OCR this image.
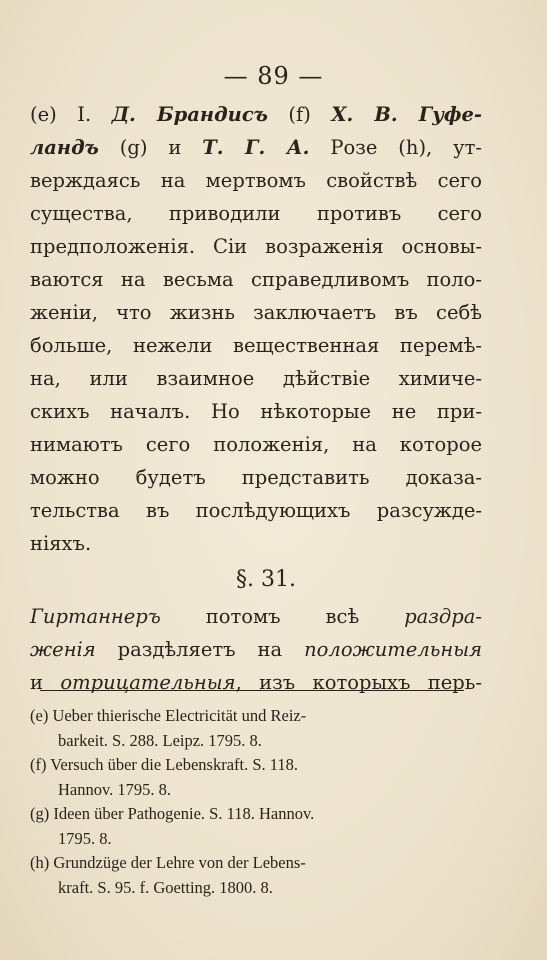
— 89 —
(e) I. Д. Брандисъ (f) Х. В. Гуфе-
ландъ (g) и Т. Г. А. Розе (h), ут-
верждаясь на мертвомъ свойствѣ сего
существа, приводили противъ сего
предположенія. Сіи возраженія основы-
ваются на весьма справедливомъ поло-
женіи, что жизнь заключаетъ въ себѣ
больше, нежели вещественная перемѣ-
на, или взаимное дѣйствіе химиче-
скихъ началъ. Но нѣкоторые не при-
нимаютъ сего положенія, на которое
можно будетъ представить доказа-
тельства въ послѣдующихъ разсужде-
ніяхъ.
§. 31.
Гиртаннеръ потомъ всѣ раздра-
женія раздѣляетъ на положительныя
и отрицательныя, изъ которыхъ перь-
(e) Ueber thierische Electricität und Reiz-
barkeit. S. 288. Leipz. 1795. 8.
(f) Versuch über die Lebenskraft. S. 118.
Hannov. 1795. 8.
(g) Ideen über Pathogenie. S. 118. Hannov.
1795. 8.
(h) Grundzüge der Lehre von der Lebens-
kraft. S. 95. f. Goetting. 1800. 8.
